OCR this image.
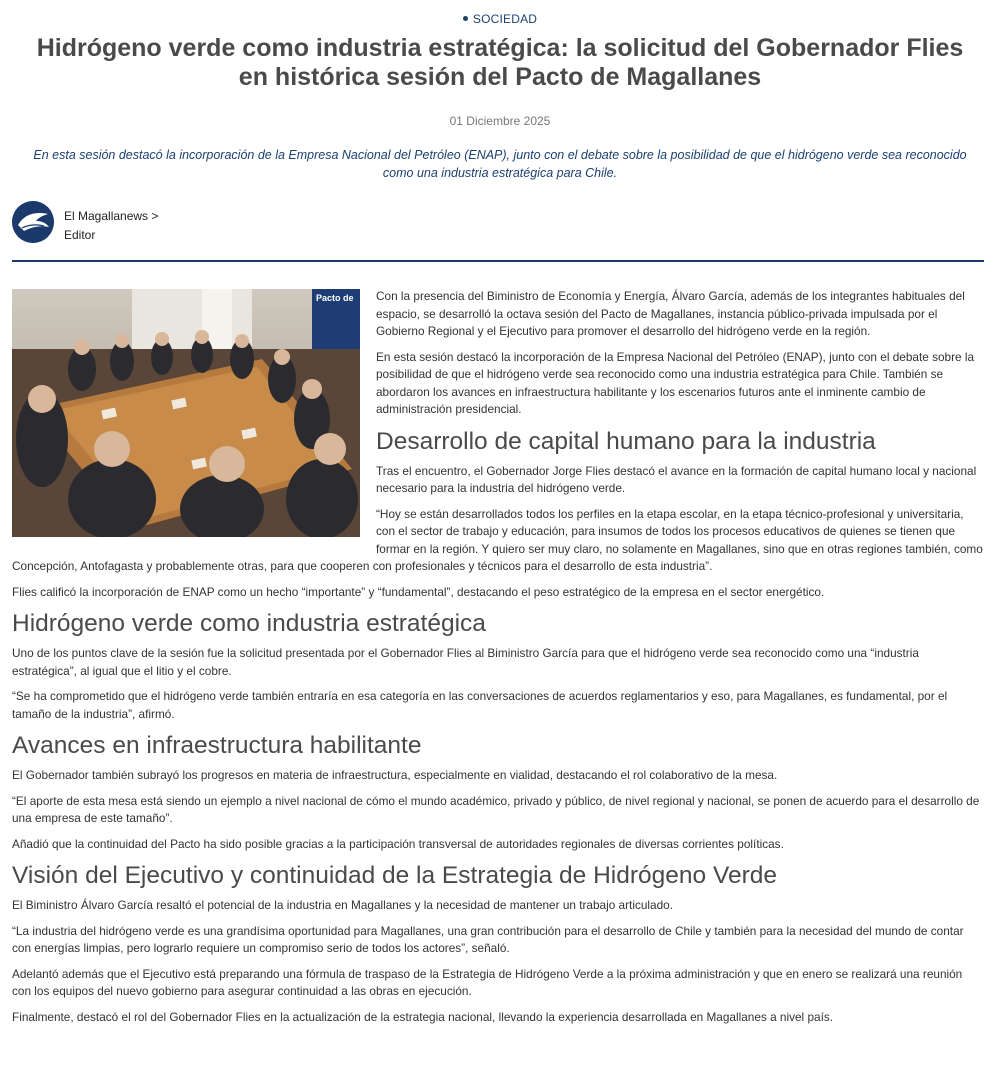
SOCIEDAD
Hidrógeno verde como industria estratégica: la solicitud del Gobernador Flies en histórica sesión del Pacto de Magallanes
01 Diciembre 2025
En esta sesión destacó la incorporación de la Empresa Nacional del Petróleo (ENAP), junto con el debate sobre la posibilidad de que el hidrógeno verde sea reconocido como una industria estratégica para Chile.
El Magallanews >
Editor
Pacto de	Con la presencia del Biministro de Economía y Energía, Álvaro García, además de los integrantes habituales del espacio, se desarrolló la octava sesión del Pacto de Magallanes, instancia público-privada impulsada por el Gobierno Regional y el Ejecutivo para promover el desarrollo del hidrógeno verde en la región.

En esta sesión destacó la incorporación de la Empresa Nacional del Petróleo (ENAP), junto con el debate sobre la posibilidad de que el hidrógeno verde sea reconocido como una industria estratégica para Chile. También se abordaron los avances en infraestructura habilitante y los escenarios futuros ante el inminente cambio de administración presidencial.

Desarrollo de capital humano para la industria

Tras el encuentro, el Gobernador Jorge Flies destacó el avance en la formación de capital humano local y nacional necesario para la industria del hidrógeno verde.

“Hoy se están desarrollados todos los perfiles en la etapa escolar, en la etapa técnico-profesional y universitaria, con el sector de trabajo y educación, para insumos de todos los procesos educativos de quienes se tienen que formar en la región. Y quiero ser muy claro, no solamente en Magallanes, sino que en otras regiones también, como Concepción, Antofagasta y probablemente otras, para que cooperen con profesionales y técnicos para el desarrollo de esta industria”.

Flies calificó la incorporación de ENAP como un hecho “importante” y “fundamental”, destacando el peso estratégico de la empresa en el sector energético.

Hidrógeno verde como industria estratégica

Uno de los puntos clave de la sesión fue la solicitud presentada por el Gobernador Flies al Biministro García para que el hidrógeno verde sea reconocido como una “industria estratégica”, al igual que el litio y el cobre.

“Se ha comprometido que el hidrógeno verde también entraría en esa categoría en las conversaciones de acuerdos reglamentarios y eso, para Magallanes, es fundamental, por el tamaño de la industria”, afirmó.

Avances en infraestructura habilitante

El Gobernador también subrayó los progresos en materia de infraestructura, especialmente en vialidad, destacando el rol colaborativo de la mesa.

“El aporte de esta mesa está siendo un ejemplo a nivel nacional de cómo el mundo académico, privado y público, de nivel regional y nacional, se ponen de acuerdo para el desarrollo de una empresa de este tamaño”.

Añadió que la continuidad del Pacto ha sido posible gracias a la participación transversal de autoridades regionales de diversas corrientes políticas.

Visión del Ejecutivo y continuidad de la Estrategia de Hidrógeno Verde

El Biministro Álvaro García resaltó el potencial de la industria en Magallanes y la necesidad de mantener un trabajo articulado.

“La industria del hidrógeno verde es una grandísima oportunidad para Magallanes, una gran contribución para el desarrollo de Chile y también para la necesidad del mundo de contar con energías limpias, pero lograrlo requiere un compromiso serio de todos los actores”, señaló.

Adelantó además que el Ejecutivo está preparando una fórmula de traspaso de la Estrategia de Hidrógeno Verde a la próxima administración y que en enero se realizará una reunión con los equipos del nuevo gobierno para asegurar continuidad a las obras en ejecución.

Finalmente, destacó el rol del Gobernador Flies en la actualización de la estrategia nacional, llevando la experiencia desarrollada en Magallanes a nivel país.
